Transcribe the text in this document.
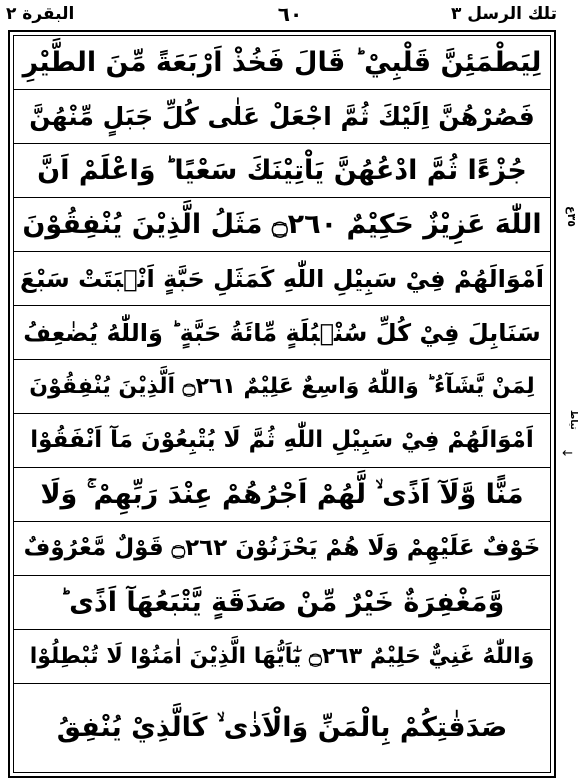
البقرة ٢	٦٠	تلك الرسل ٣
لِيَطْمَئِنَّ قَلْبِيْ ؕ قَالَ فَخُذْ اَرْبَعَةً مِّنَ الطَّيْرِ
فَصُرْهُنَّ اِلَيْكَ ثُمَّ اجْعَلْ عَلٰى كُلِّ جَبَلٍ مِّنْهُنَّ
جُزْءًا ثُمَّ ادْعُهُنَّ يَاْتِيْنَكَ سَعْيًا ؕ وَاعْلَمْ اَنَّ
اللّٰهَ عَزِيْزٌ حَكِيْمٌ ۝٢٦٠ مَثَلُ الَّذِيْنَ يُنْفِقُوْنَ
اَمْوَالَهُمْ فِيْ سَبِيْلِ اللّٰهِ كَمَثَلِ حَبَّةٍ اَنْۢبَتَتْ سَبْعَ
سَنَابِلَ فِيْ كُلِّ سُنْۢبُلَةٍ مِّائَةُ حَبَّةٍ ؕ وَاللّٰهُ يُضٰعِفُ
لِمَنْ يَّشَآءُ ؕ وَاللّٰهُ وَاسِعٌ عَلِيْمٌ ۝٢٦١ اَلَّذِيْنَ يُنْفِقُوْنَ
اَمْوَالَهُمْ فِيْ سَبِيْلِ اللّٰهِ ثُمَّ لَا يُتْبِعُوْنَ مَآ اَنْفَقُوْا
مَنًّا وَّلَآ اَذًى ۙ لَّهُمْ اَجْرُهُمْ عِنْدَ رَبِّهِمْ ۚ وَلَا
خَوْفٌ عَلَيْهِمْ وَلَا هُمْ يَحْزَنُوْنَ ۝٢٦٢ قَوْلٌ مَّعْرُوْفٌ
وَّمَغْفِرَةٌ خَيْرٌ مِّنْ صَدَقَةٍ يَّتْبَعُهَآ اَذًى ؕ
وَاللّٰهُ غَنِيٌّ حَلِيْمٌ ۝٢٦٣ يٰٓاَيُّهَا الَّذِيْنَ اٰمَنُوْا لَا تُبْطِلُوْا
صَدَقٰتِكُمْ بِالْمَنِّ وَالْاَذٰى ۙ كَالَّذِيْ يُنْفِقُ
٣٥ع
تیاط
←
